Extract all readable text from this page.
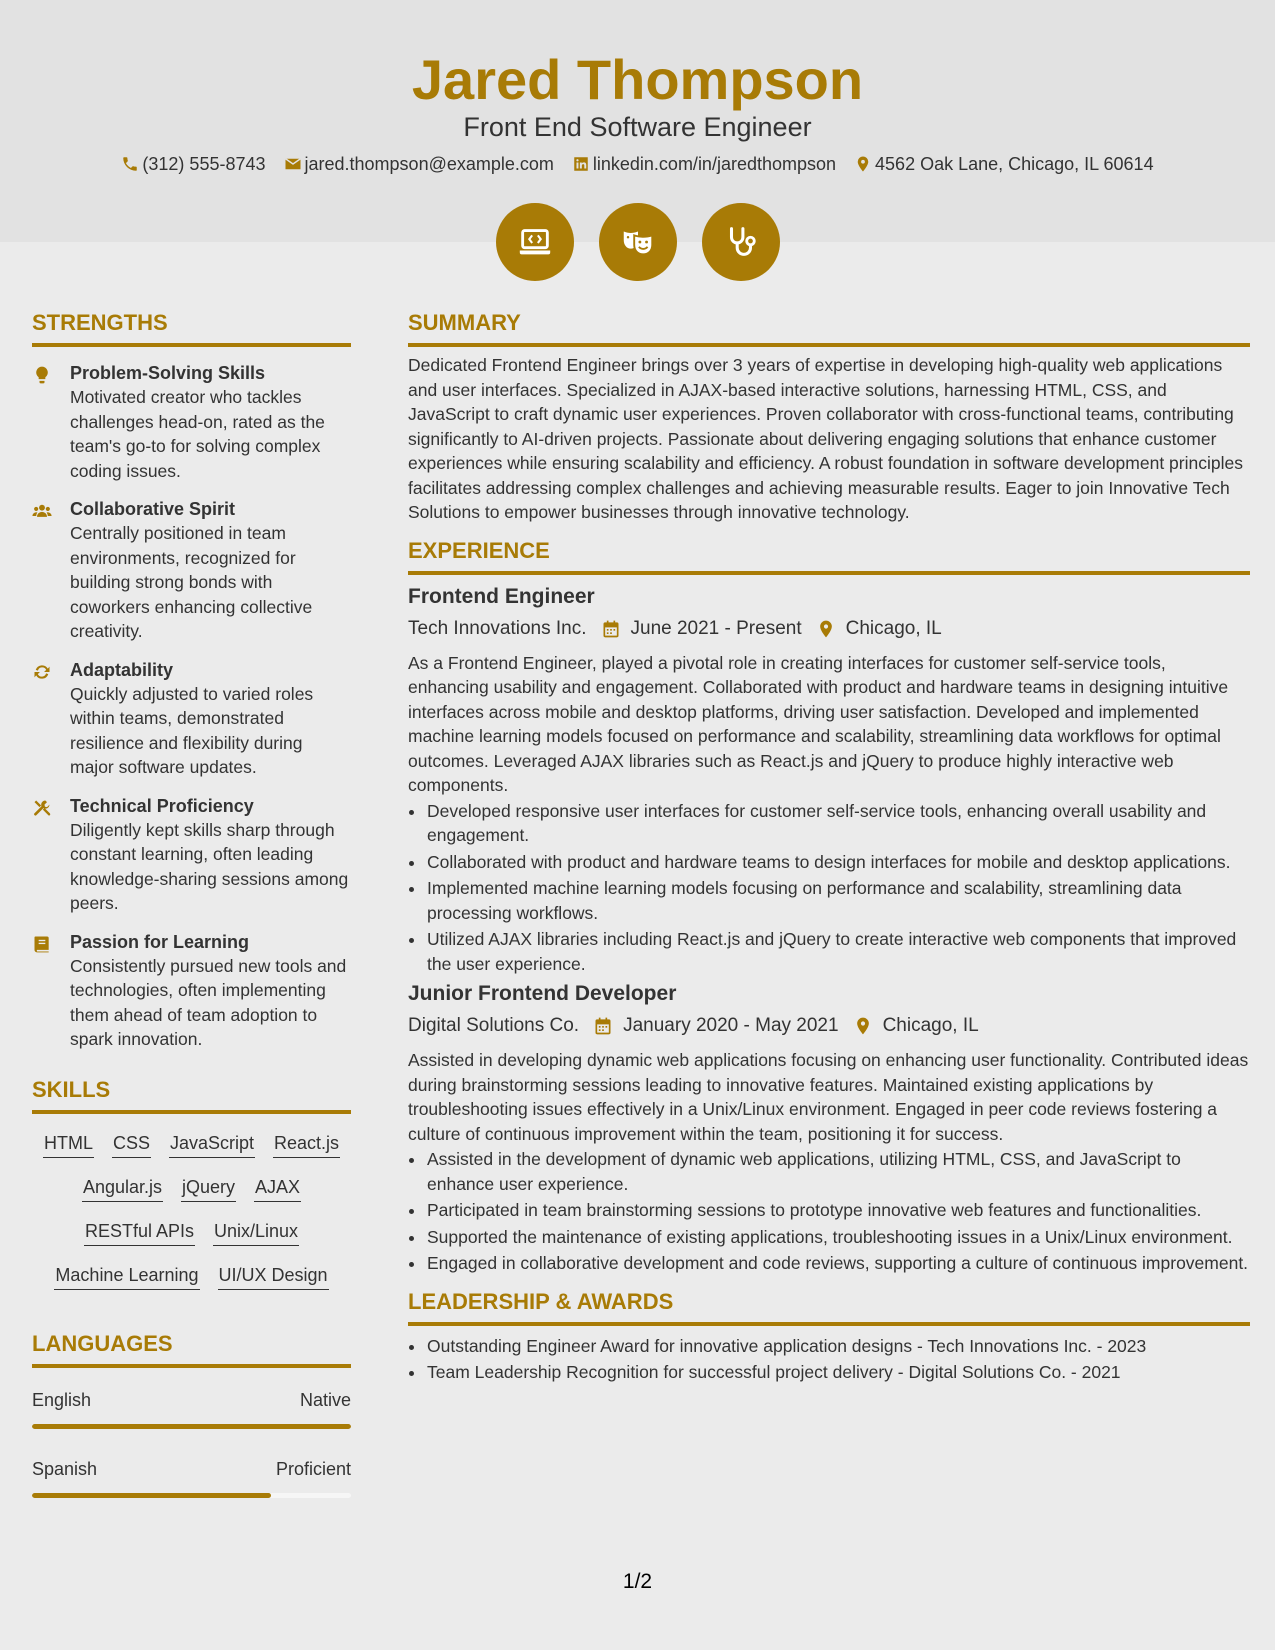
Jared Thompson
Front End Software Engineer
(312) 555-8743 jared.thompson@example.com linkedin.com/in/jaredthompson 4562 Oak Lane, Chicago, IL 60614
STRENGTHS
Problem-Solving Skills
Motivated creator who tackles challenges head-on, rated as the team's go-to for solving complex coding issues.
Collaborative Spirit
Centrally positioned in team environments, recognized for building strong bonds with coworkers enhancing collective creativity.
Adaptability
Quickly adjusted to varied roles within teams, demonstrated resilience and flexibility during major software updates.
Technical Proficiency
Diligently kept skills sharp through constant learning, often leading knowledge-sharing sessions among peers.
Passion for Learning
Consistently pursued new tools and technologies, often implementing them ahead of team adoption to spark innovation.
SKILLS
HTML CSS JavaScript React.js
Angular.js jQuery AJAX
RESTful APIs Unix/Linux
Machine Learning UI/UX Design
LANGUAGES
English	Native
Spanish	Proficient
SUMMARY
Dedicated Frontend Engineer brings over 3 years of expertise in developing high-quality web applications and user interfaces. Specialized in AJAX-based interactive solutions, harnessing HTML, CSS, and JavaScript to craft dynamic user experiences. Proven collaborator with cross-functional teams, contributing significantly to AI-driven projects. Passionate about delivering engaging solutions that enhance customer experiences while ensuring scalability and efficiency. A robust foundation in software development principles facilitates addressing complex challenges and achieving measurable results. Eager to join Innovative Tech Solutions to empower businesses through innovative technology.
EXPERIENCE
Frontend Engineer
Tech Innovations Inc. June 2021 - Present Chicago, IL
As a Frontend Engineer, played a pivotal role in creating interfaces for customer self-service tools, enhancing usability and engagement. Collaborated with product and hardware teams in designing intuitive interfaces across mobile and desktop platforms, driving user satisfaction. Developed and implemented machine learning models focused on performance and scalability, streamlining data workflows for optimal outcomes. Leveraged AJAX libraries such as React.js and jQuery to produce highly interactive web components.
• Developed responsive user interfaces for customer self-service tools, enhancing overall usability and engagement.
• Collaborated with product and hardware teams to design interfaces for mobile and desktop applications.
• Implemented machine learning models focusing on performance and scalability, streamlining data processing workflows.
• Utilized AJAX libraries including React.js and jQuery to create interactive web components that improved the user experience.
Junior Frontend Developer
Digital Solutions Co. January 2020 - May 2021 Chicago, IL
Assisted in developing dynamic web applications focusing on enhancing user functionality. Contributed ideas during brainstorming sessions leading to innovative features. Maintained existing applications by troubleshooting issues effectively in a Unix/Linux environment. Engaged in peer code reviews fostering a culture of continuous improvement within the team, positioning it for success.
• Assisted in the development of dynamic web applications, utilizing HTML, CSS, and JavaScript to enhance user experience.
• Participated in team brainstorming sessions to prototype innovative web features and functionalities.
• Supported the maintenance of existing applications, troubleshooting issues in a Unix/Linux environment.
• Engaged in collaborative development and code reviews, supporting a culture of continuous improvement.
LEADERSHIP & AWARDS
• Outstanding Engineer Award for innovative application designs - Tech Innovations Inc. - 2023
• Team Leadership Recognition for successful project delivery - Digital Solutions Co. - 2021
1/2
